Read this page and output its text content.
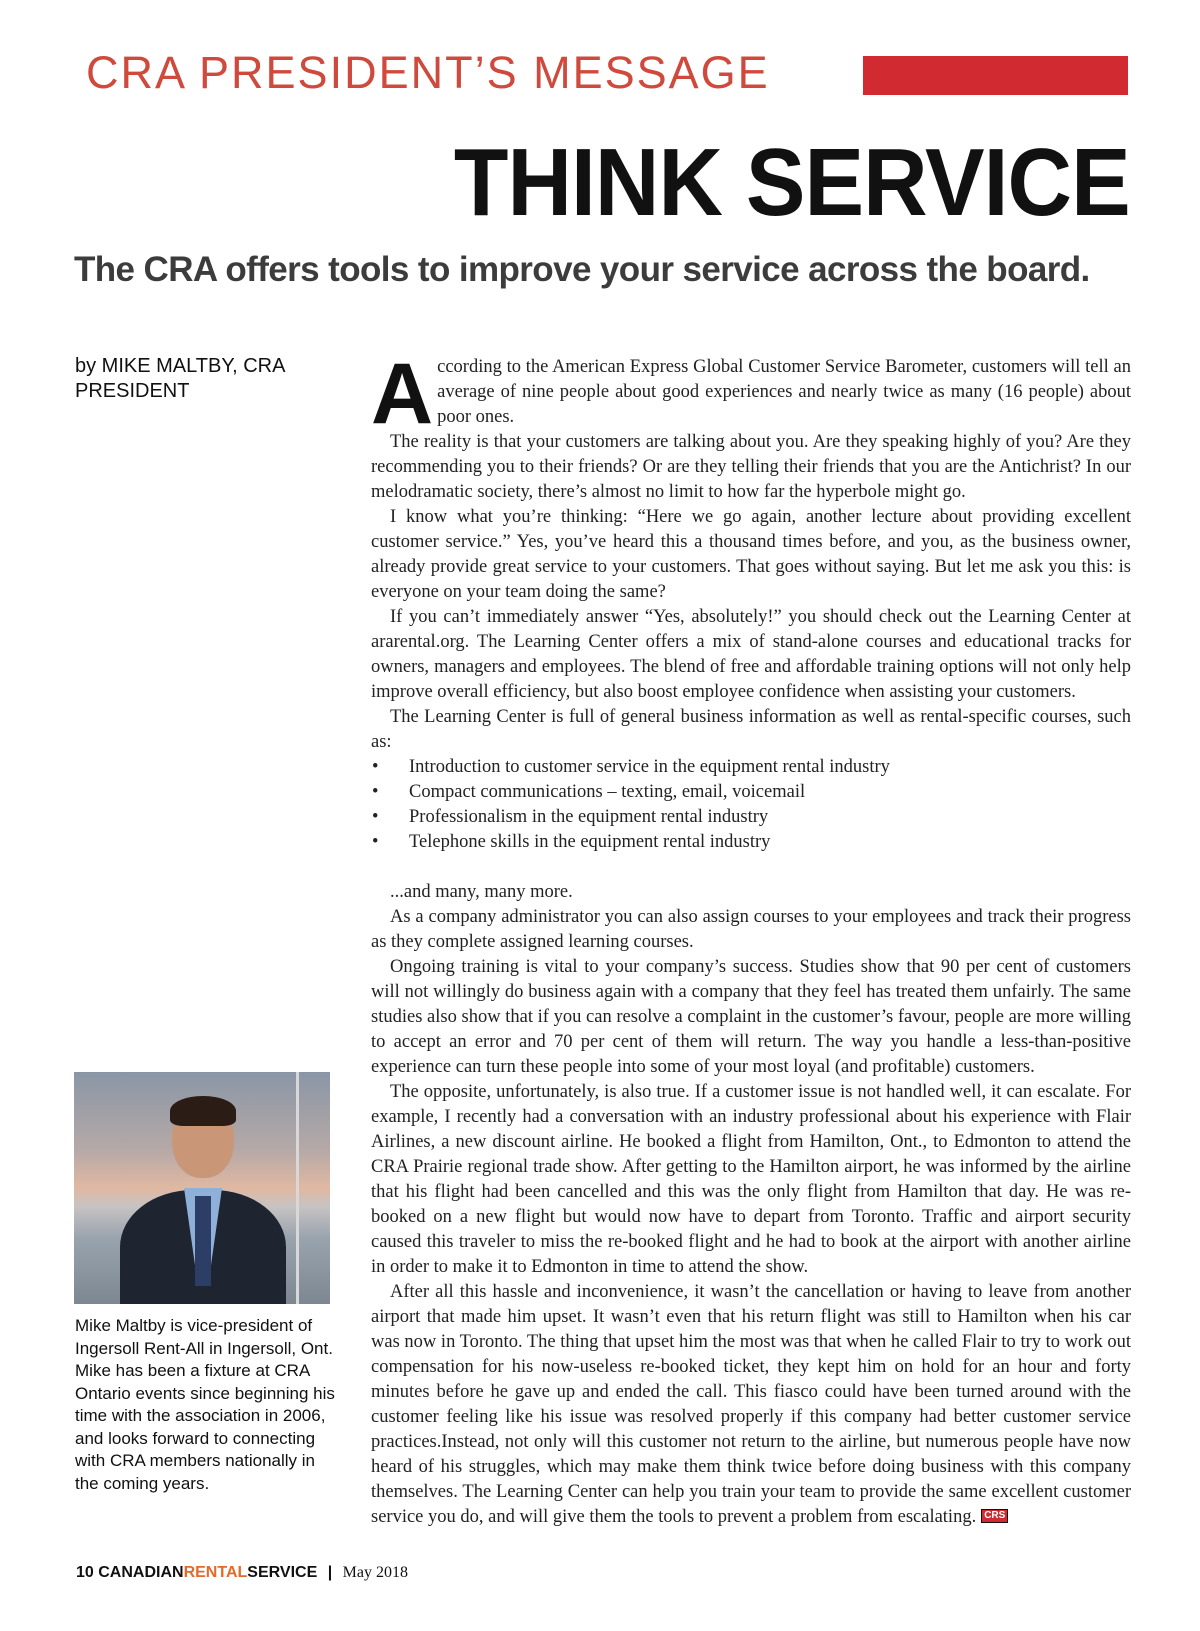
CRA PRESIDENT’S MESSAGE
THINK SERVICE
The CRA offers tools to improve your service across the board.
by MIKE MALTBY, CRA PRESIDENT
Mike Maltby is vice-president of Ingersoll Rent-All in Ingersoll, Ont. Mike has been a fixture at CRA Ontario events since beginning his time with the association in 2006, and looks forward to connecting with CRA members nationally in the coming years.

According to the American Express Global Customer Service Barometer, customers will tell an average of nine people about good experiences and nearly twice as many (16 people) about poor ones.

The reality is that your customers are talking about you. Are they speaking highly of you? Are they recommending you to their friends? Or are they telling their friends that you are the Antichrist? In our melodramatic society, there’s almost no limit to how far the hyperbole might go.

I know what you’re thinking: “Here we go again, another lecture about providing excellent customer service.” Yes, you’ve heard this a thousand times before, and you, as the business owner, already provide great service to your customers. That goes without saying. But let me ask you this: is everyone on your team doing the same?

If you can’t immediately answer “Yes, absolutely!” you should check out the Learning Center at ararental.org. The Learning Center offers a mix of stand-alone courses and educational tracks for owners, managers and employees. The blend of free and affordable training options will not only help improve overall efficiency, but also boost employee confidence when assisting your customers.

The Learning Center is full of general business information as well as rental-specific courses, such as:

• Introduction to customer service in the equipment rental industry
• Compact communications – texting, email, voicemail
• Professionalism in the equipment rental industry
• Telephone skills in the equipment rental industry

...and many, many more.

As a company administrator you can also assign courses to your employees and track their progress as they complete assigned learning courses.

Ongoing training is vital to your company’s success. Studies show that 90 per cent of customers will not willingly do business again with a company that they feel has treated them unfairly. The same studies also show that if you can resolve a complaint in the customer’s favour, people are more willing to accept an error and 70 per cent of them will return. The way you handle a less-than-positive experience can turn these people into some of your most loyal (and profitable) customers.

The opposite, unfortunately, is also true. If a customer issue is not handled well, it can escalate. For example, I recently had a conversation with an industry professional about his experience with Flair Airlines, a new discount airline. He booked a flight from Hamilton, Ont., to Edmonton to attend the CRA Prairie regional trade show. After getting to the Hamilton airport, he was informed by the airline that his flight had been cancelled and this was the only flight from Hamilton that day. He was re-booked on a new flight but would now have to depart from Toronto. Traffic and airport security caused this traveler to miss the re-booked flight and he had to book at the airport with another airline in order to make it to Edmonton in time to attend the show.

After all this hassle and inconvenience, it wasn’t the cancellation or having to leave from another airport that made him upset. It wasn’t even that his return flight was still to Hamilton when his car was now in Toronto. The thing that upset him the most was that when he called Flair to try to work out compensation for his now-useless re-booked ticket, they kept him on hold for an hour and forty minutes before he gave up and ended the call. This fiasco could have been turned around with the customer feeling like his issue was resolved properly if this company had better customer service practices.Instead, not only will this customer not return to the airline, but numerous people have now heard of his struggles, which may make them think twice before doing business with this company themselves. The Learning Center can help you train your team to provide the same excellent customer service you do, and will give them the tools to prevent a problem from escalating. CRS

10 CANADIANRENTALSERVICE | May 2018
